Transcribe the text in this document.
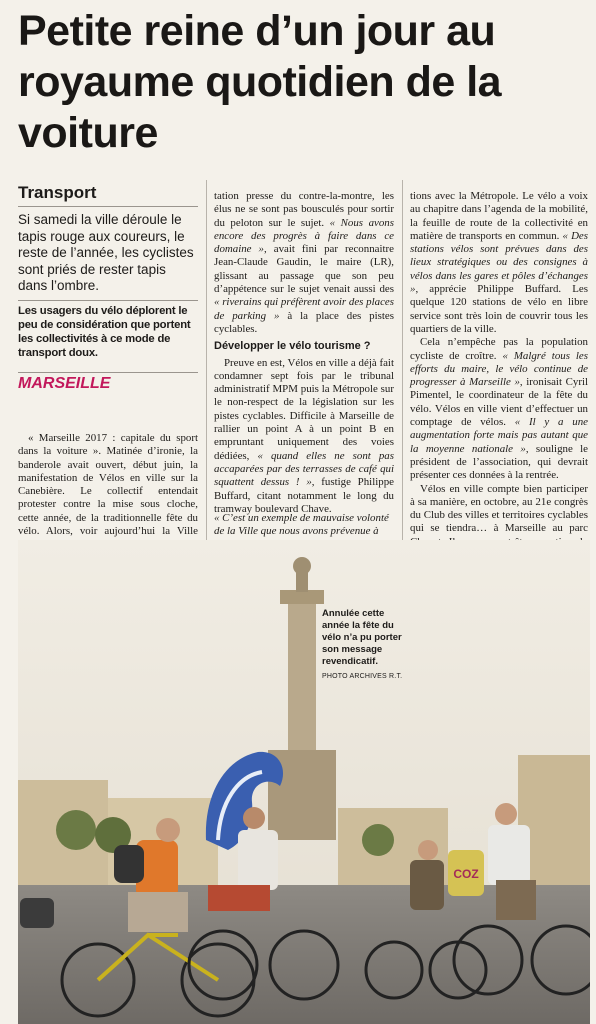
Petite reine d’un jour au royaume quotidien de la voiture
Transport
Si samedi la ville déroule le tapis rouge aux coureurs, le reste de l’année, les cyclistes sont priés de rester tapis dans l’ombre.
Les usagers du vélo déplorent le peu de considération que portent les collectivités à ce mode de transport doux.
MARSEILLE

« Marseille 2017 : capitale du sport dans la voiture ». Matinée d’ironie, la banderole avait ouvert, début juin, la manifestation de Vélos en ville sur la Canebière. Le collectif entendait protester contre la mise sous cloche, cette année, de la traditionnelle fête du vélo. Alors, voir aujourd’hui la Ville

tation presse du contre-la-montre, les élus ne se sont pas bousculés pour sortir du peloton sur le sujet. « Nous avons encore des progrès à faire dans ce domaine », avait fini par reconnaitre Jean-Claude Gaudin, le maire (LR), glissant au passage que son peu d’appétence sur le sujet venait aussi des « riverains qui préfèrent avoir des places de parking » à la place des pistes cyclables.

Développer le vélo tourisme ?

Preuve en est, Vélos en ville a déjà fait condamner sept fois par le tribunal administratif MPM puis la Métropole sur le non-respect de la législation sur les pistes cyclables. Difficile à Marseille de rallier un point A à un point B en empruntant uniquement des voies dédiées, « quand elles ne sont pas accaparées par des terrasses de café qui squattent dessus ! », fustige Philippe Buffard, citant notamment le long du tramway boulevard Chave.

« C’est un exemple de mauvaise volonté de la Ville que nous avons prévenue à

tions avec la Métropole. Le vélo a voix au chapitre dans l’agenda de la mobilité, la feuille de route de la collectivité en matière de transports en commun. « Des stations vélos sont prévues dans des lieux stratégiques ou des consignes à vélos dans les gares et pôles d’échanges », apprécie Philippe Buffard. Les quelque 120 stations de vélo en libre service sont très loin de couvrir tous les quartiers de la ville.

Cela n’empêche pas la population cycliste de croître. « Malgré tous les efforts du maire, le vélo continue de progresser à Marseille », ironisait Cyril Pimentel, le coordinateur de la fête du vélo. Vélos en ville vient d’effectuer un comptage de vélos. « Il y a une augmentation forte mais pas autant que la moyenne nationale », souligne le président de l’association, qui devrait présenter ces données à la rentrée.

Vélos en ville compte bien participer à sa manière, en octobre, au 21e congrès du Club des villes et territoires cyclables qui se tiendra… à Marseille au parc

COZ
Annulée cette année la fête du vélo n’a pu porter son message revendicatif.
PHOTO ARCHIVES R.T.
